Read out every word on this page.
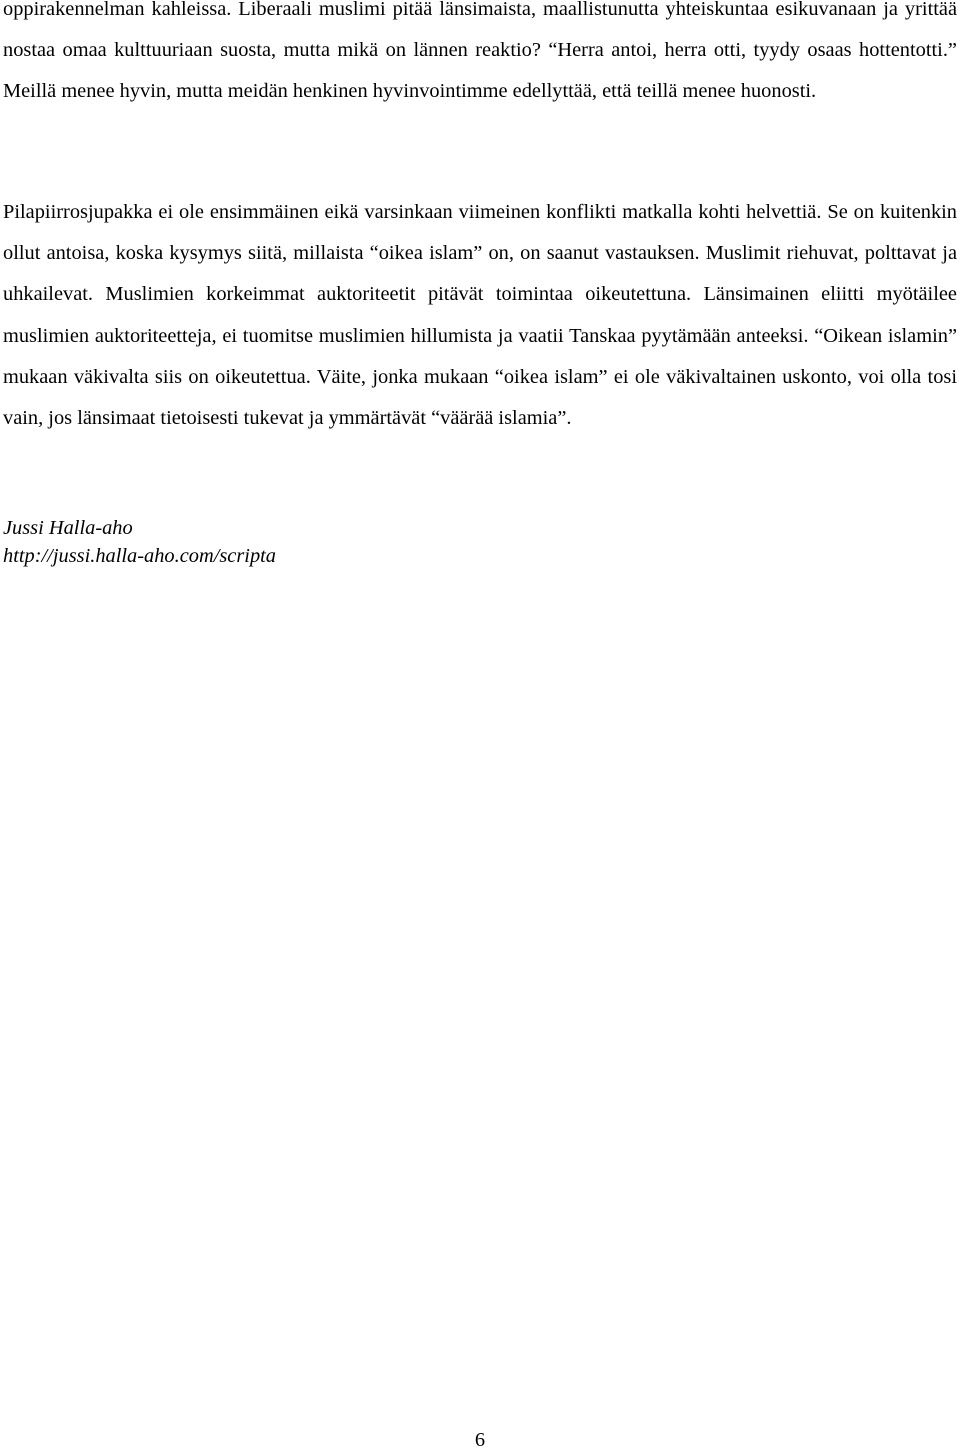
oppirakennelman kahleissa. Liberaali muslimi pitää länsimaista, maallistunutta yhteiskuntaa esikuvanaan ja yrittää nostaa omaa kulttuuriaan suosta, mutta mikä on lännen reaktio? “Herra antoi, herra otti, tyydy osaas hottentotti.” Meillä menee hyvin, mutta meidän henkinen hyvinvointimme edellyttää, että teillä menee huonosti.

Pilapiirrosjupakka ei ole ensimmäinen eikä varsinkaan viimeinen konflikti matkalla kohti helvettiä. Se on kuitenkin ollut antoisa, koska kysymys siitä, millaista “oikea islam” on, on saanut vastauksen. Muslimit riehuvat, polttavat ja uhkailevat. Muslimien korkeimmat auktoriteetit pitävät toimintaa oikeutettuna. Länsimainen eliitti myötäilee muslimien auktoriteetteja, ei tuomitse muslimien hillumista ja vaatii Tanskaa pyytämään anteeksi. “Oikean islamin” mukaan väkivalta siis on oikeutettua. Väite, jonka mukaan “oikea islam” ei ole väkivaltainen uskonto, voi olla tosi vain, jos länsimaat tietoisesti tukevat ja ymmärtävät “väärää islamia”.

Jussi Halla-aho
http://jussi.halla-aho.com/scripta
6
